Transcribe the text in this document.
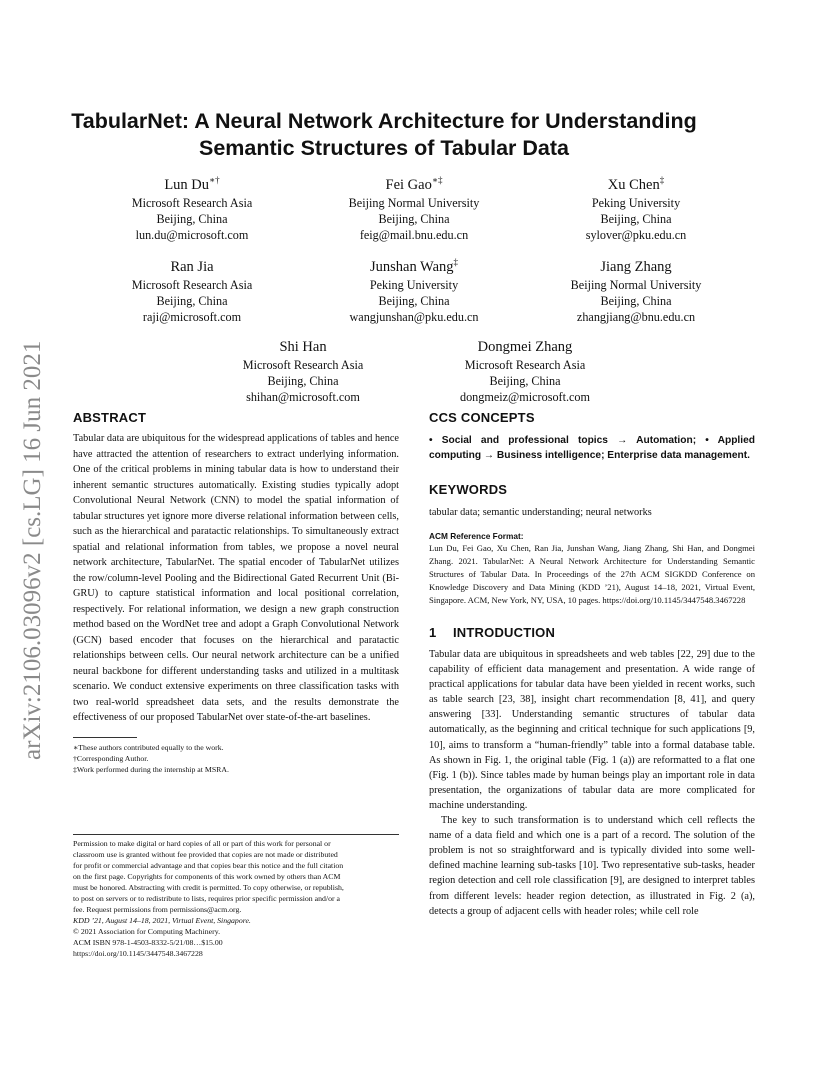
arXiv:2106.03096v2 [cs.LG] 16 Jun 2021
TabularNet: A Neural Network Architecture for Understanding
Semantic Structures of Tabular Data
Lun Du∗†
Microsoft Research Asia
Beijing, China
lun.du@microsoft.com
Fei Gao∗‡
Beijing Normal University
Beijing, China
feig@mail.bnu.edu.cn
Xu Chen‡
Peking University
Beijing, China
sylover@pku.edu.cn
Ran Jia
Microsoft Research Asia
Beijing, China
raji@microsoft.com
Junshan Wang‡
Peking University
Beijing, China
wangjunshan@pku.edu.cn
Jiang Zhang
Beijing Normal University
Beijing, China
zhangjiang@bnu.edu.cn
Shi Han
Microsoft Research Asia
Beijing, China
shihan@microsoft.com
Dongmei Zhang
Microsoft Research Asia
Beijing, China
dongmeiz@microsoft.com
ABSTRACT

Tabular data are ubiquitous for the widespread applications of tables and hence have attracted the attention of researchers to extract underlying information. One of the critical problems in mining tabular data is how to understand their inherent semantic structures automatically. Existing studies typically adopt Convolutional Neural Network (CNN) to model the spatial information of tabular structures yet ignore more diverse relational information between cells, such as the hierarchical and paratactic relationships. To simultaneously extract spatial and relational information from tables, we propose a novel neural network architecture, TabularNet. The spatial encoder of TabularNet utilizes the row/column-level Pooling and the Bidirectional Gated Recurrent Unit (Bi-GRU) to capture statistical information and local positional correlation, respectively. For relational information, we design a new graph construction method based on the WordNet tree and adopt a Graph Convolutional Network (GCN) based encoder that focuses on the hierarchical and paratactic relationships between cells. Our neural network architecture can be a unified neural backbone for different understanding tasks and utilized in a multitask scenario. We conduct extensive experiments on three classification tasks with two real-world spreadsheet data sets, and the results demonstrate the effectiveness of our proposed TabularNet over state-of-the-art baselines.

∗These authors contributed equally to the work.
†Corresponding Author.
‡Work performed during the internship at MSRA.
Permission to make digital or hard copies of all or part of this work for personal or
classroom use is granted without fee provided that copies are not made or distributed
for profit or commercial advantage and that copies bear this notice and the full citation
on the first page. Copyrights for components of this work owned by others than ACM
must be honored. Abstracting with credit is permitted. To copy otherwise, or republish,
to post on servers or to redistribute to lists, requires prior specific permission and/or a
fee. Request permissions from permissions@acm.org.
KDD ’21, August 14–18, 2021, Virtual Event, Singapore.
© 2021 Association for Computing Machinery.
ACM ISBN 978-1-4503-8332-5/21/08…$15.00
https://doi.org/10.1145/3447548.3467228
CCS CONCEPTS

• Social and professional topics → Automation; • Applied computing → Business intelligence; Enterprise data management.

KEYWORDS

tabular data; semantic understanding; neural networks

ACM Reference Format:

Lun Du, Fei Gao, Xu Chen, Ran Jia, Junshan Wang, Jiang Zhang, Shi Han, and Dongmei Zhang. 2021. TabularNet: A Neural Network Architecture for Understanding Semantic Structures of Tabular Data. In Proceedings of the 27th ACM SIGKDD Conference on Knowledge Discovery and Data Mining (KDD ’21), August 14–18, 2021, Virtual Event, Singapore. ACM, New York, NY, USA, 10 pages. https://doi.org/10.1145/3447548.3467228

1 INTRODUCTION

Tabular data are ubiquitous in spreadsheets and web tables [22, 29] due to the capability of efficient data management and presentation. A wide range of practical applications for tabular data have been yielded in recent works, such as table search [23, 38], insight chart recommendation [8, 41], and query answering [33]. Understanding semantic structures of tabular data automatically, as the beginning and critical technique for such applications [9, 10], aims to transform a “human-friendly” table into a formal database table. As shown in Fig. 1, the original table (Fig. 1 (a)) are reformatted to a flat one (Fig. 1 (b)). Since tables made by human beings play an important role in data presentation, the organizations of tabular data are more complicated for machine understanding.

The key to such transformation is to understand which cell reflects the name of a data field and which one is a part of a record. The solution of the problem is not so straightforward and is typically divided into some well-defined machine learning sub-tasks [10]. Two representative sub-tasks, header region detection and cell role classification [9], are designed to interpret tables from different levels: header region detection, as illustrated in Fig. 2 (a), detects a group of adjacent cells with header roles; while cell role
